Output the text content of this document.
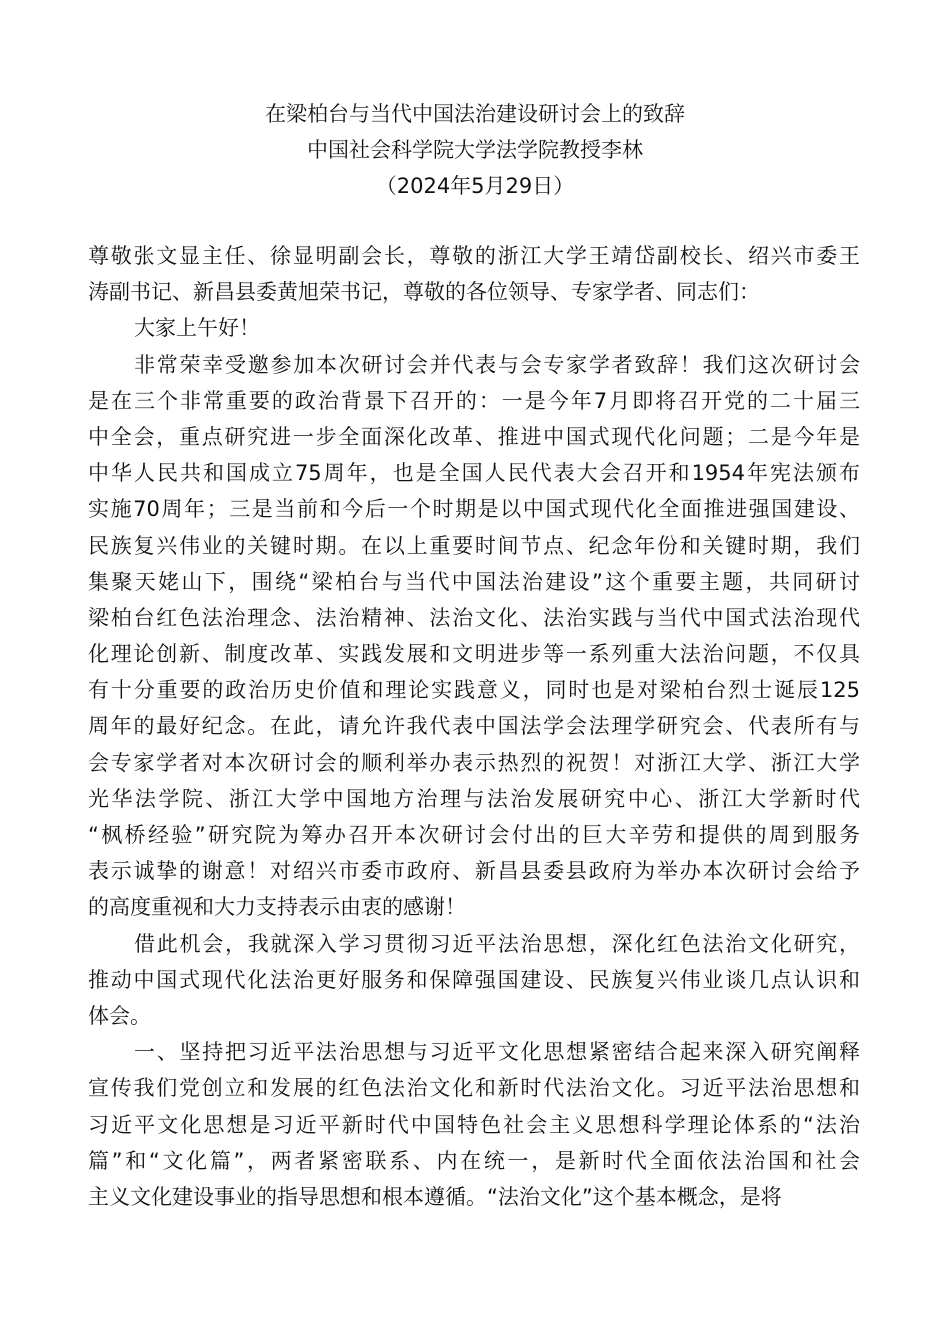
在梁柏台与当代中国法治建设研讨会上的致辞
中国社会科学院大学法学院教授李林
（2024年5月29日）
尊敬张文显主任、徐显明副会长，尊敬的浙江大学王靖岱副校长、绍兴市委王
涛副书记、新昌县委黄旭荣书记，尊敬的各位领导、专家学者、同志们：
大家上午好！
非常荣幸受邀参加本次研讨会并代表与会专家学者致辞！我们这次研讨会
是在三个非常重要的政治背景下召开的：一是今年7月即将召开党的二十届三
中全会，重点研究进一步全面深化改革、推进中国式现代化问题；二是今年是
中华人民共和国成立75周年，也是全国人民代表大会召开和1954年宪法颁布
实施70周年；三是当前和今后一个时期是以中国式现代化全面推进强国建设、
民族复兴伟业的关键时期。在以上重要时间节点、纪念年份和关键时期，我们
集聚天姥山下，围绕“梁柏台与当代中国法治建设”这个重要主题，共同研讨
梁柏台红色法治理念、法治精神、法治文化、法治实践与当代中国式法治现代
化理论创新、制度改革、实践发展和文明进步等一系列重大法治问题，不仅具
有十分重要的政治历史价值和理论实践意义，同时也是对梁柏台烈士诞辰125
周年的最好纪念。在此，请允许我代表中国法学会法理学研究会、代表所有与
会专家学者对本次研讨会的顺利举办表示热烈的祝贺！对浙江大学、浙江大学
光华法学院、浙江大学中国地方治理与法治发展研究中心、浙江大学新时代
“枫桥经验”研究院为筹办召开本次研讨会付出的巨大辛劳和提供的周到服务
表示诚挚的谢意！对绍兴市委市政府、新昌县委县政府为举办本次研讨会给予
的高度重视和大力支持表示由衷的感谢！
借此机会，我就深入学习贯彻习近平法治思想，深化红色法治文化研究，
推动中国式现代化法治更好服务和保障强国建设、民族复兴伟业谈几点认识和
体会。
一、坚持把习近平法治思想与习近平文化思想紧密结合起来深入研究阐释
宣传我们党创立和发展的红色法治文化和新时代法治文化。习近平法治思想和
习近平文化思想是习近平新时代中国特色社会主义思想科学理论体系的“法治
篇”和“文化篇”，两者紧密联系、内在统一，是新时代全面依法治国和社会
主义文化建设事业的指导思想和根本遵循。“法治文化”这个基本概念，是将
